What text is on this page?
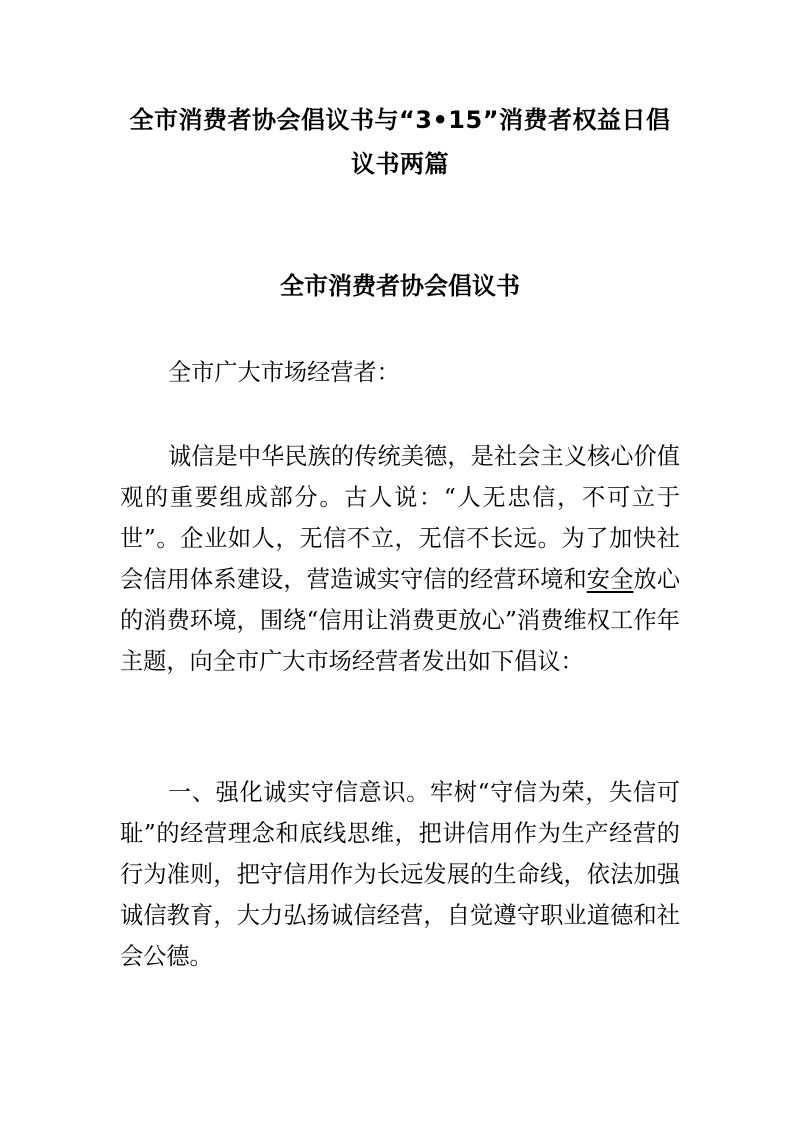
全市消费者协会倡议书与“3•15”消费者权益日倡议书两篇
全市消费者协会倡议书

全市广大市场经营者：

诚信是中华民族的传统美德，是社会主义核心价值观的重要组成部分。古人说：“人无忠信，不可立于世”。企业如人，无信不立，无信不长远。为了加快社会信用体系建设，营造诚实守信的经营环境和安全放心的消费环境，围绕“信用让消费更放心”消费维权工作年主题，向全市广大市场经营者发出如下倡议：

一、强化诚实守信意识。牢树“守信为荣，失信可耻”的经营理念和底线思维，把讲信用作为生产经营的行为准则，把守信用作为长远发展的生命线，依法加强诚信教育，大力弘扬诚信经营，自觉遵守职业道德和社会公德。
